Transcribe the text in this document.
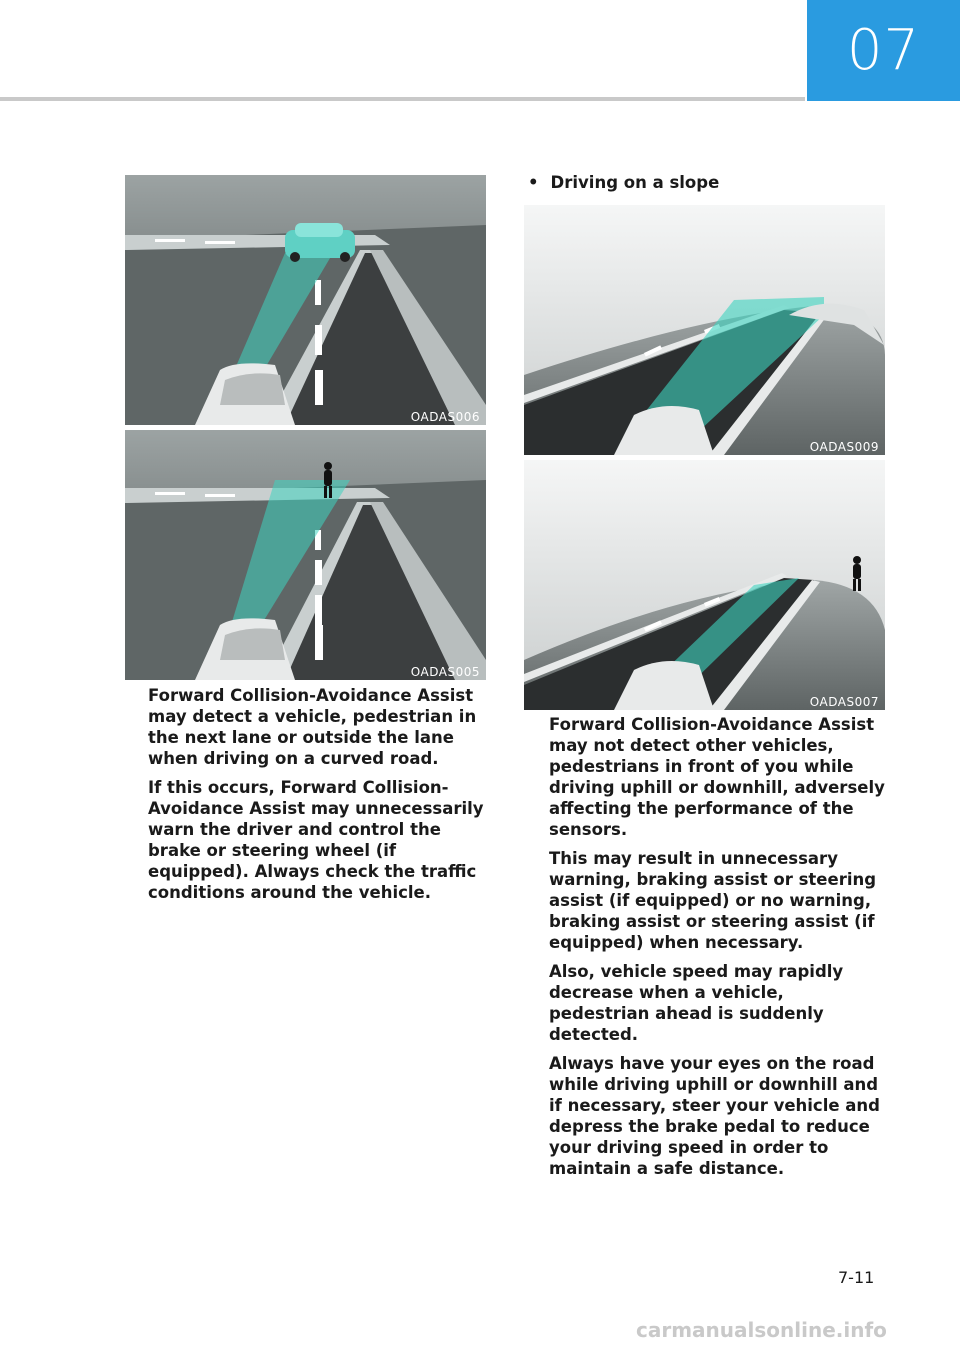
07
OADAS006
OADAS005

Forward Collision-Avoidance Assist may detect a vehicle, pedestrian in the next lane or outside the lane when driving on a curved road.

If this occurs, Forward Collision-Avoidance Assist may unnecessarily warn the driver and control the brake or steering wheel (if equipped). Always check the traffic conditions around the vehicle.

• Driving on a slope
OADAS009
OADAS007

Forward Collision-Avoidance Assist may not detect other vehicles, pedestrians in front of you while driving uphill or downhill, adversely affecting the performance of the sensors.

This may result in unnecessary warning, braking assist or steering assist (if equipped) or no warning, braking assist or steering assist (if equipped) when necessary.

Also, vehicle speed may rapidly decrease when a vehicle, pedestrian ahead is suddenly detected.

Always have your eyes on the road while driving uphill or downhill and if necessary, steer your vehicle and depress the brake pedal to reduce your driving speed in order to maintain a safe distance.

7-11
carmanualsonline.info
